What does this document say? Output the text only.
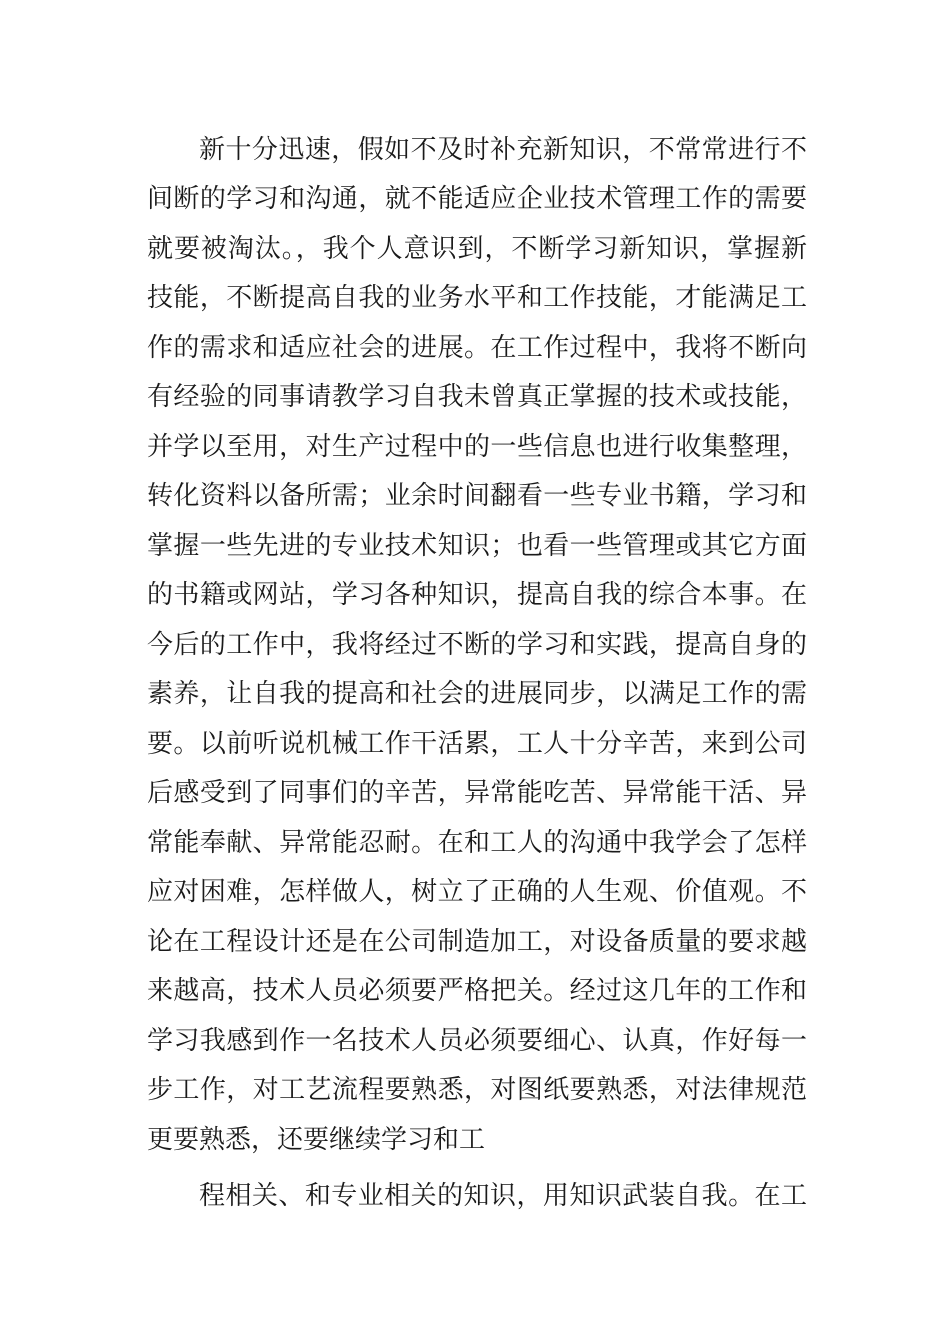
新十分迅速，假如不及时补充新知识，不常常进行不
间断的学习和沟通，就不能适应企业技术管理工作的需要
就要被淘汰。，我个人意识到，不断学习新知识，掌握新
技能，不断提高自我的业务水平和工作技能，才能满足工
作的需求和适应社会的进展。在工作过程中，我将不断向
有经验的同事请教学习自我未曾真正掌握的技术或技能，
并学以至用，对生产过程中的一些信息也进行收集整理，
转化资料以备所需；业余时间翻看一些专业书籍，学习和
掌握一些先进的专业技术知识；也看一些管理或其它方面
的书籍或网站，学习各种知识，提高自我的综合本事。在
今后的工作中，我将经过不断的学习和实践，提高自身的
素养，让自我的提高和社会的进展同步，以满足工作的需
要。以前听说机械工作干活累，工人十分辛苦，来到公司
后感受到了同事们的辛苦，异常能吃苦、异常能干活、异
常能奉献、异常能忍耐。在和工人的沟通中我学会了怎样
应对困难，怎样做人，树立了正确的人生观、价值观。不
论在工程设计还是在公司制造加工，对设备质量的要求越
来越高，技术人员必须要严格把关。经过这几年的工作和
学习我感到作一名技术人员必须要细心、认真，作好每一
步工作，对工艺流程要熟悉，对图纸要熟悉，对法律规范
更要熟悉，还要继续学习和工
程相关、和专业相关的知识，用知识武装自我。在工
